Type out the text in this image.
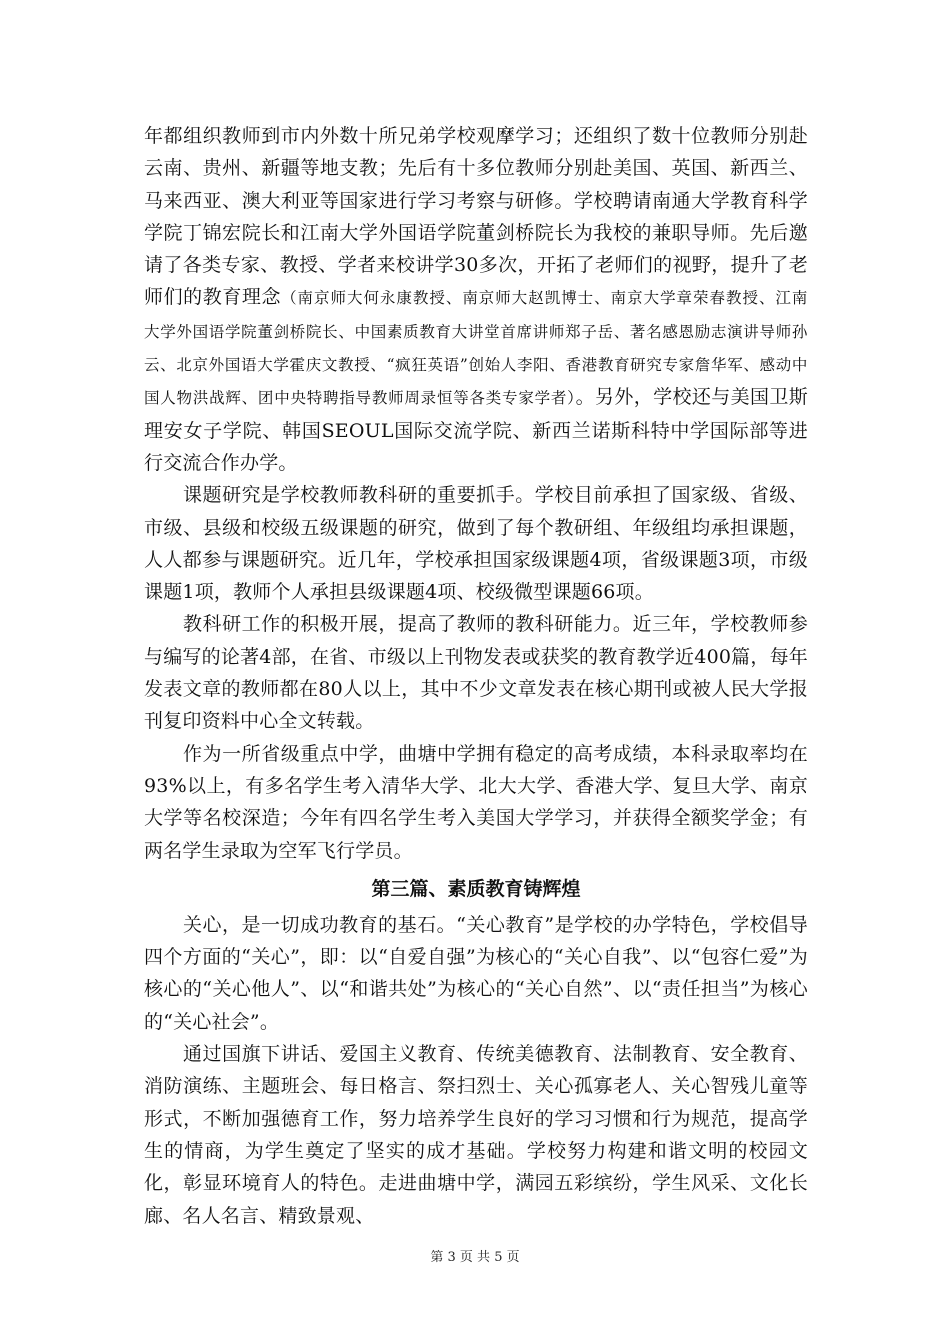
年都组织教师到市内外数十所兄弟学校观摩学习；还组织了数十位教师分别赴云南、贵州、新疆等地支教；先后有十多位教师分别赴美国、英国、新西兰、马来西亚、澳大利亚等国家进行学习考察与研修。学校聘请南通大学教育科学学院丁锦宏院长和江南大学外国语学院董剑桥院长为我校的兼职导师。先后邀请了各类专家、教授、学者来校讲学30多次，开拓了老师们的视野，提升了老师们的教育理念（南京师大何永康教授、南京师大赵凯博士、南京大学章荣春教授、江南大学外国语学院董剑桥院长、中国素质教育大讲堂首席讲师郑子岳、著名感恩励志演讲导师孙云、北京外国语大学霍庆文教授、“疯狂英语”创始人李阳、香港教育研究专家詹华军、感动中国人物洪战辉、团中央特聘指导教师周录恒等各类专家学者）。另外，学校还与美国卫斯理安女子学院、韩国SEOUL国际交流学院、新西兰诺斯科特中学国际部等进行交流合作办学。

课题研究是学校教师教科研的重要抓手。学校目前承担了国家级、省级、市级、县级和校级五级课题的研究，做到了每个教研组、年级组均承担课题，人人都参与课题研究。近几年，学校承担国家级课题4项，省级课题3项，市级课题1项，教师个人承担县级课题4项、校级微型课题66项。

教科研工作的积极开展，提高了教师的教科研能力。近三年，学校教师参与编写的论著4部，在省、市级以上刊物发表或获奖的教育教学近400篇，每年发表文章的教师都在80人以上，其中不少文章发表在核心期刊或被人民大学报刊复印资料中心全文转载。

作为一所省级重点中学，曲塘中学拥有稳定的高考成绩，本科录取率均在93%以上，有多名学生考入清华大学、北大大学、香港大学、复旦大学、南京大学等名校深造；今年有四名学生考入美国大学学习，并获得全额奖学金；有两名学生录取为空军飞行学员。

第三篇、素质教育铸辉煌

关心，是一切成功教育的基石。“关心教育”是学校的办学特色，学校倡导四个方面的“关心”，即：以“自爱自强”为核心的“关心自我”、以“包容仁爱”为核心的“关心他人”、以“和谐共处”为核心的“关心自然”、以“责任担当”为核心的“关心社会”。

通过国旗下讲话、爱国主义教育、传统美德教育、法制教育、安全教育、消防演练、主题班会、每日格言、祭扫烈士、关心孤寡老人、关心智残儿童等形式，不断加强德育工作，努力培养学生良好的学习习惯和行为规范，提高学生的情商，为学生奠定了坚实的成才基础。学校努力构建和谐文明的校园文化，彰显环境育人的特色。走进曲塘中学，满园五彩缤纷，学生风采、文化长廊、名人名言、精致景观、

第 3 页 共 5 页
